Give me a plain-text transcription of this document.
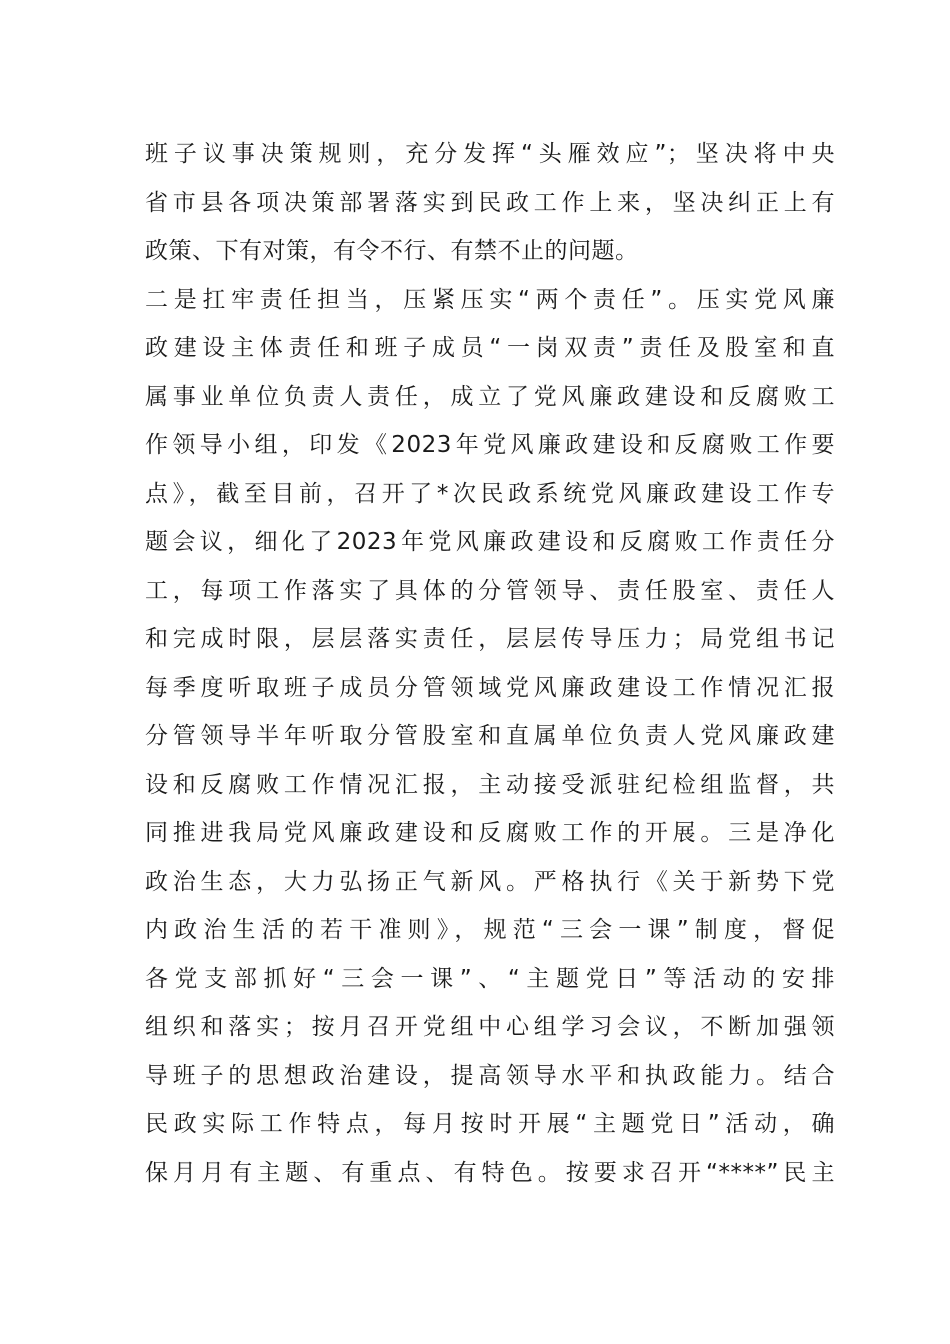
班子议事决策规则，充分发挥“头雁效应”；坚决将中央
省市县各项决策部署落实到民政工作上来，坚决纠正上有
政策、下有对策，有令不行、有禁不止的问题。
二是扛牢责任担当，压紧压实“两个责任”。压实党风廉
政建设主体责任和班子成员“一岗双责”责任及股室和直
属事业单位负责人责任，成立了党风廉政建设和反腐败工
作领导小组，印发《2023年党风廉政建设和反腐败工作要
点》，截至目前，召开了*次民政系统党风廉政建设工作专
题会议，细化了2023年党风廉政建设和反腐败工作责任分
工，每项工作落实了具体的分管领导、责任股室、责任人
和完成时限，层层落实责任，层层传导压力；局党组书记
每季度听取班子成员分管领域党风廉政建设工作情况汇报
分管领导半年听取分管股室和直属单位负责人党风廉政建
设和反腐败工作情况汇报，主动接受派驻纪检组监督，共
同推进我局党风廉政建设和反腐败工作的开展。三是净化
政治生态，大力弘扬正气新风。严格执行《关于新势下党
内政治生活的若干准则》，规范“三会一课”制度，督促
各党支部抓好“三会一课”、“主题党日”等活动的安排
组织和落实；按月召开党组中心组学习会议，不断加强领
导班子的思想政治建设，提高领导水平和执政能力。结合
民政实际工作特点，每月按时开展“主题党日”活动，确
保月月有主题、有重点、有特色。按要求召开“****”民主
